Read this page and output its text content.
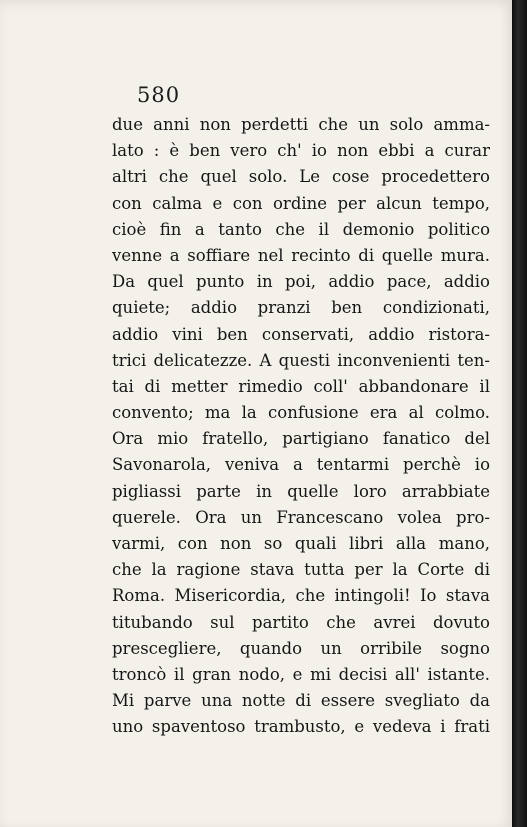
580
due anni non perdetti che un solo amma-
lato : è ben vero ch' io non ebbi a curar
altri che quel solo. Le cose procedettero
con calma e con ordine per alcun tempo,
cioè fin a tanto che il demonio politico
venne a soffiare nel recinto di quelle mura.
Da quel punto in poi, addio pace, addio
quiete; addio pranzi ben condizionati,
addio vini ben conservati, addio ristora-
trici delicatezze. A questi inconvenienti ten-
tai di metter rimedio coll' abbandonare il
convento; ma la confusione era al colmo.
Ora mio fratello, partigiano fanatico del
Savonarola, veniva a tentarmi perchè io
pigliassi parte in quelle loro arrabbiate
querele. Ora un Francescano volea pro-
varmi, con non so quali libri alla mano,
che la ragione stava tutta per la Corte di
Roma. Misericordia, che intingoli! Io stava
titubando sul partito che avrei dovuto
prescegliere, quando un orribile sogno
troncò il gran nodo, e mi decisi all' istante.
Mi parve una notte di essere svegliato da
uno spaventoso trambusto, e vedeva i frati
